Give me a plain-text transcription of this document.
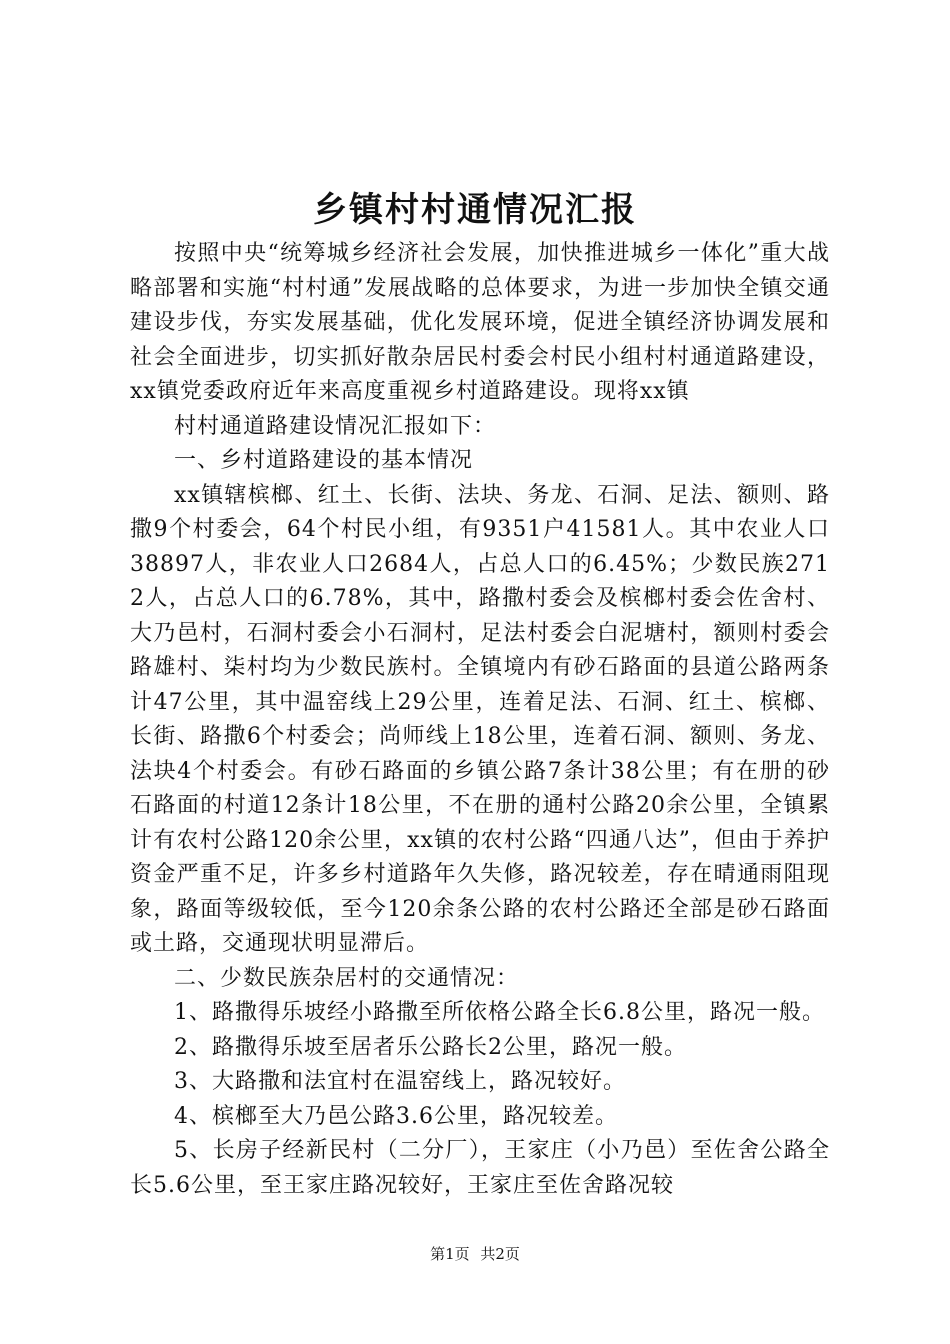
乡镇村村通情况汇报

按照中央“统筹城乡经济社会发展，加快推进城乡一体化”重大战略部署和实施“村村通”发展战略的总体要求，为进一步加快全镇交通建设步伐，夯实发展基础，优化发展环境，促进全镇经济协调发展和社会全面进步，切实抓好散杂居民村委会村民小组村村通道路建设，xx镇党委政府近年来高度重视乡村道路建设。现将xx镇

村村通道路建设情况汇报如下：

一、乡村道路建设的基本情况

xx镇辖槟榔、红土、长街、法块、务龙、石洞、足法、额则、路撒9个村委会，64个村民小组，有9351户41581人。其中农业人口38897人，非农业人口2684人，占总人口的6.45%；少数民族2712人，占总人口的6.78%，其中，路撒村委会及槟榔村委会佐舍村、大乃邑村，石洞村委会小石洞村，足法村委会白泥塘村，额则村委会路雄村、柒村均为少数民族村。全镇境内有砂石路面的县道公路两条计47公里，其中温窑线上29公里，连着足法、石洞、红土、槟榔、长街、路撒6个村委会；尚师线上18公里，连着石洞、额则、务龙、法块4个村委会。有砂石路面的乡镇公路7条计38公里；有在册的砂石路面的村道12条计18公里，不在册的通村公路20余公里，全镇累计有农村公路120余公里，xx镇的农村公路“四通八达”，但由于养护资金严重不足，许多乡村道路年久失修，路况较差，存在晴通雨阻现象，路面等级较低，至今120余条公路的农村公路还全部是砂石路面或土路，交通现状明显滞后。

二、少数民族杂居村的交通情况：

1、路撒得乐坡经小路撒至所依格公路全长6.8公里，路况一般。

2、路撒得乐坡至居者乐公路长2公里，路况一般。

3、大路撒和法宜村在温窑线上，路况较好。

4、槟榔至大乃邑公路3.6公里，路况较差。

5、长房子经新民村（二分厂），王家庄（小乃邑）至佐舍公路全长5.6公里，至王家庄路况较好，王家庄至佐舍路况较

第1页 共2页
